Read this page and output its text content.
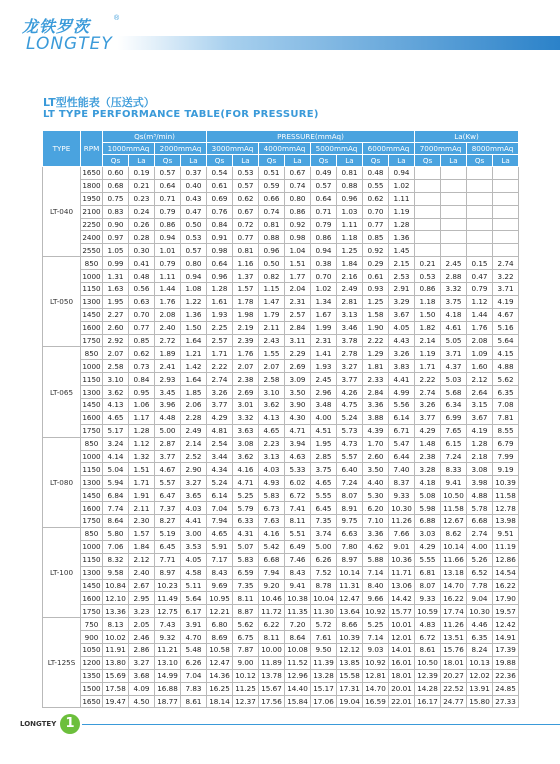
龙铁罗茨	®
LONGTEY
LT型性能表（压送式）
LT TYPE PERFORMANCE TABLE(FOR PRESSURE)
TYPE	RPM	Qs(m³/min)				PRESSURE(mmAq)								La(Kw)			
		1000mmAq		2000mmAq		3000mmAq		4000mmAq		5000mmAq		6000mmAq		7000mmAq		8000mmAq	
		Qs	La	Qs	La	Qs	La	Qs	La	Qs	La	Qs	La	Qs	La	Qs	La
LT-040	1650	0.60	0.19	0.57	0.37	0.54	0.53	0.51	0.67	0.49	0.81	0.48	0.94				
	1800	0.68	0.21	0.64	0.40	0.61	0.57	0.59	0.74	0.57	0.88	0.55	1.02				
	1950	0.75	0.23	0.71	0.43	0.69	0.62	0.66	0.80	0.64	0.96	0.62	1.11				
	2100	0.83	0.24	0.79	0.47	0.76	0.67	0.74	0.86	0.71	1.03	0.70	1.19				
	2250	0.90	0.26	0.86	0.50	0.84	0.72	0.81	0.92	0.79	1.11	0.77	1.28				
	2400	0.97	0.28	0.94	0.53	0.91	0.77	0.88	0.98	0.86	1.18	0.85	1.36				
	2550	1.05	0.30	1.01	0.57	0.98	0.81	0.96	1.04	0.94	1.25	0.92	1.45				
LT-050	850	0.99	0.41	0.79	0.80	0.64	1.16	0.50	1.51	0.38	1.84	0.29	2.15	0.21	2.45	0.15	2.74
	1000	1.31	0.48	1.11	0.94	0.96	1.37	0.82	1.77	0.70	2.16	0.61	2.53	0.53	2.88	0.47	3.22
	1150	1.63	0.56	1.44	1.08	1.28	1.57	1.15	2.04	1.02	2.49	0.93	2.91	0.86	3.32	0.79	3.71
	1300	1.95	0.63	1.76	1.22	1.61	1.78	1.47	2.31	1.34	2.81	1.25	3.29	1.18	3.75	1.12	4.19
	1450	2.27	0.70	2.08	1.36	1.93	1.98	1.79	2.57	1.67	3.13	1.58	3.67	1.50	4.18	1.44	4.67
	1600	2.60	0.77	2.40	1.50	2.25	2.19	2.11	2.84	1.99	3.46	1.90	4.05	1.82	4.61	1.76	5.16
	1750	2.92	0.85	2.72	1.64	2.57	2.39	2.43	3.11	2.31	3.78	2.22	4.43	2.14	5.05	2.08	5.64
LT-065	850	2.07	0.62	1.89	1.21	1.71	1.76	1.55	2.29	1.41	2.78	1.29	3.26	1.19	3.71	1.09	4.15
	1000	2.58	0.73	2.41	1.42	2.22	2.07	2.07	2.69	1.93	3.27	1.81	3.83	1.71	4.37	1.60	4.88
	1150	3.10	0.84	2.93	1.64	2.74	2.38	2.58	3.09	2.45	3.77	2.33	4.41	2.22	5.03	2.12	5.62
	1300	3.62	0.95	3.45	1.85	3.26	2.69	3.10	3.50	2.96	4.26	2.84	4.99	2.74	5.68	2.64	6.35
	1450	4.13	1.06	3.96	2.06	3.77	3.01	3.62	3.90	3.48	4.75	3.36	5.56	3.26	6.34	3.15	7.08
	1600	4.65	1.17	4.48	2.28	4.29	3.32	4.13	4.30	4.00	5.24	3.88	6.14	3.77	6.99	3.67	7.81
	1750	5.17	1.28	5.00	2.49	4.81	3.63	4.65	4.71	4.51	5.73	4.39	6.71	4.29	7.65	4.19	8.55
LT-080	850	3.24	1.12	2.87	2.14	2.54	3.08	2.23	3.94	1.95	4.73	1.70	5.47	1.48	6.15	1.28	6.79
	1000	4.14	1.32	3.77	2.52	3.44	3.62	3.13	4.63	2.85	5.57	2.60	6.44	2.38	7.24	2.18	7.99
	1150	5.04	1.51	4.67	2.90	4.34	4.16	4.03	5.33	3.75	6.40	3.50	7.40	3.28	8.33	3.08	9.19
	1300	5.94	1.71	5.57	3.27	5.24	4.71	4.93	6.02	4.65	7.24	4.40	8.37	4.18	9.41	3.98	10.39
	1450	6.84	1.91	6.47	3.65	6.14	5.25	5.83	6.72	5.55	8.07	5.30	9.33	5.08	10.50	4.88	11.58
	1600	7.74	2.11	7.37	4.03	7.04	5.79	6.73	7.41	6.45	8.91	6.20	10.30	5.98	11.58	5.78	12.78
	1750	8.64	2.30	8.27	4.41	7.94	6.33	7.63	8.11	7.35	9.75	7.10	11.26	6.88	12.67	6.68	13.98
LT-100	850	5.80	1.57	5.19	3.00	4.65	4.31	4.16	5.51	3.74	6.63	3.36	7.66	3.03	8.62	2.74	9.51
	1000	7.06	1.84	6.45	3.53	5.91	5.07	5.42	6.49	5.00	7.80	4.62	9.01	4.29	10.14	4.00	11.19
	1150	8.32	2.12	7.71	4.05	7.17	5.83	6.68	7.46	6.26	8.97	5.88	10.36	5.55	11.66	5.26	12.86
	1300	9.58	2.40	8.97	4.58	8.43	6.59	7.94	8.43	7.52	10.14	7.14	11.71	6.81	13.18	6.52	14.54
	1450	10.84	2.67	10.23	5.11	9.69	7.35	9.20	9.41	8.78	11.31	8.40	13.06	8.07	14.70	7.78	16.22
	1600	12.10	2.95	11.49	5.64	10.95	8.11	10.46	10.38	10.04	12.47	9.66	14.42	9.33	16.22	9.04	17.90
	1750	13.36	3.23	12.75	6.17	12.21	8.87	11.72	11.35	11.30	13.64	10.92	15.77	10.59	17.74	10.30	19.57
LT-125S	750	8.13	2.05	7.43	3.91	6.80	5.62	6.22	7.20	5.72	8.66	5.25	10.01	4.83	11.26	4.46	12.42
	900	10.02	2.46	9.32	4.70	8.69	6.75	8.11	8.64	7.61	10.39	7.14	12.01	6.72	13.51	6.35	14.91
	1050	11.91	2.86	11.21	5.48	10.58	7.87	10.00	10.08	9.50	12.12	9.03	14.01	8.61	15.76	8.24	17.39
	1200	13.80	3.27	13.10	6.26	12.47	9.00	11.89	11.52	11.39	13.85	10.92	16.01	10.50	18.01	10.13	19.88
	1350	15.69	3.68	14.99	7.04	14.36	10.12	13.78	12.96	13.28	15.58	12.81	18.01	12.39	20.27	12.02	22.36
	1500	17.58	4.09	16.88	7.83	16.25	11.25	15.67	14.40	15.17	17.31	14.70	20.01	14.28	22.52	13.91	24.85
	1650	19.47	4.50	18.77	8.61	18.14	12.37	17.56	15.84	17.06	19.04	16.59	22.01	16.17	24.77	15.80	27.33
LONGTEY 1
